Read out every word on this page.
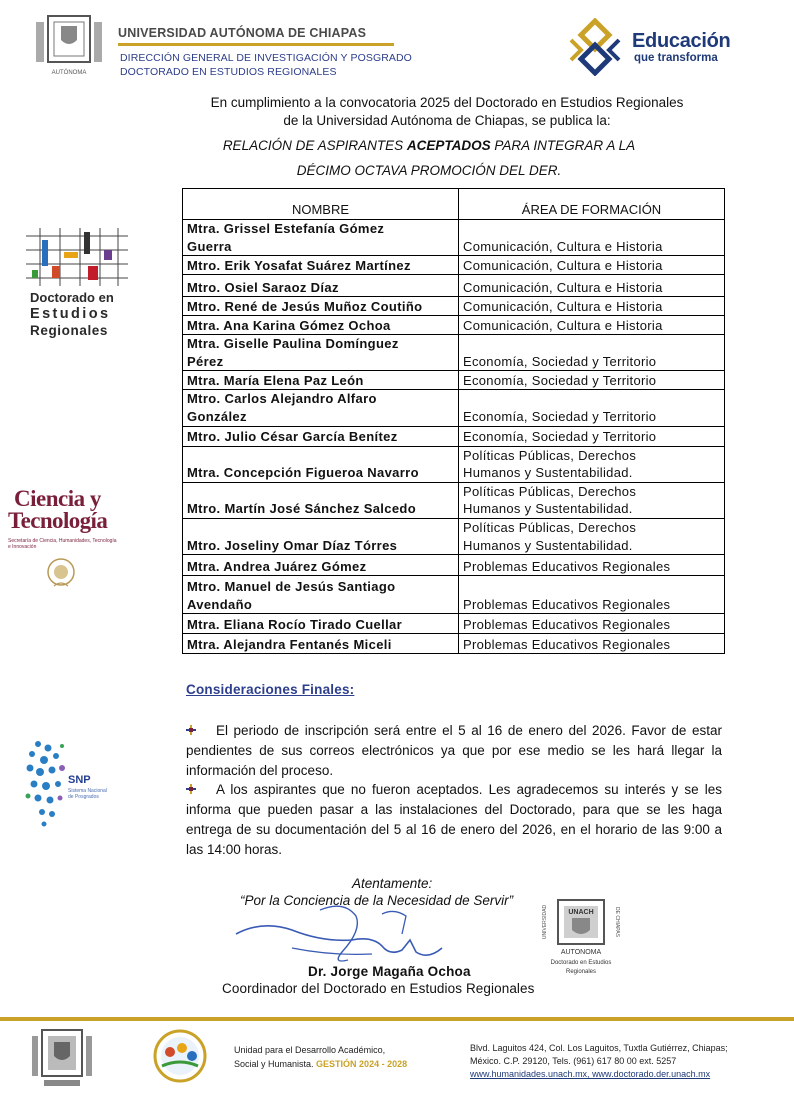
AUTÓNOMA
UNIVERSIDAD AUTÓNOMA DE CHIAPAS
DIRECCIÓN GENERAL DE INVESTIGACIÓN Y POSGRADO
DOCTORADO EN ESTUDIOS REGIONALES
Educación
que transforma
Doctorado en
Estudios
Regionales
Ciencia y
Tecnología
Secretaría de Ciencia, Humanidades, Tecnología e Innovación
SNP
Sistema Nacional de Posgrados
En cumplimiento a la convocatoria 2025 del Doctorado en Estudios Regionales
de la Universidad Autónoma de Chiapas, se publica la:
RELACIÓN DE ASPIRANTES ACEPTADOS PARA INTEGRAR A LA
DÉCIMO OCTAVA PROMOCIÓN DEL DER.
NOMBRE	ÁREA DE FORMACIÓN
Mtra. Grissel Estefanía Gómez
Guerra	Comunicación, Cultura e Historia
Mtro. Erik Yosafat Suárez Martínez	Comunicación, Cultura e Historia
Mtro. Osiel Saraoz Díaz	Comunicación, Cultura e Historia
Mtro. René de Jesús Muñoz Coutiño	Comunicación, Cultura e Historia
Mtra. Ana Karina Gómez Ochoa	Comunicación, Cultura e Historia
Mtra. Giselle Paulina Domínguez
Pérez	Economía, Sociedad y Territorio
Mtra. María Elena Paz León	Economía, Sociedad y Territorio
Mtro. Carlos Alejandro Alfaro
González	Economía, Sociedad y Territorio
Mtro. Julio César García Benítez	Economía, Sociedad y Territorio
Mtra. Concepción Figueroa Navarro	Políticas Públicas, Derechos
Humanos y Sustentabilidad.
Mtro. Martín José Sánchez Salcedo	Políticas Públicas, Derechos
Humanos y Sustentabilidad.
Mtro. Joseliny Omar Díaz Tórres	Políticas Públicas, Derechos
Humanos y Sustentabilidad.
Mtra. Andrea Juárez Gómez	Problemas Educativos Regionales
Mtro. Manuel de Jesús Santiago
Avendaño	Problemas Educativos Regionales
Mtra. Eliana Rocío Tirado Cuellar	Problemas Educativos Regionales
Mtra. Alejandra Fentanés Miceli	Problemas Educativos Regionales
Consideraciones Finales:
El periodo de inscripción será entre el 5 al 16 de enero del 2026. Favor de estar pendientes de sus correos electrónicos ya que por ese medio se les hará llegar la información del proceso.
A los aspirantes que no fueron aceptados. Les agradecemos su interés y se les informa que pueden pasar a las instalaciones del Doctorado, para que se les haga entrega de su documentación del 5 al 16 de enero del 2026, en el horario de las 9:00 a las 14:00 horas.
Atentamente:
“Por la Conciencia de la Necesidad de Servir”
UNACH
UNIVERSIDAD	DE CHIAPAS
AUTONOMA
Doctorado en Estudios
Regionales
Dr. Jorge Magaña Ochoa
Coordinador del Doctorado en Estudios Regionales
Unidad para el Desarrollo Académico,
Social y Humanista. GESTIÓN 2024 - 2028
Blvd. Laguitos 424, Col. Los Laguitos, Tuxtla Gutiérrez, Chiapas;
México. C.P. 29120, Tels. (961) 617 80 00 ext. 5257
www.humanidades.unach.mx, www.doctorado.der.unach.mx
